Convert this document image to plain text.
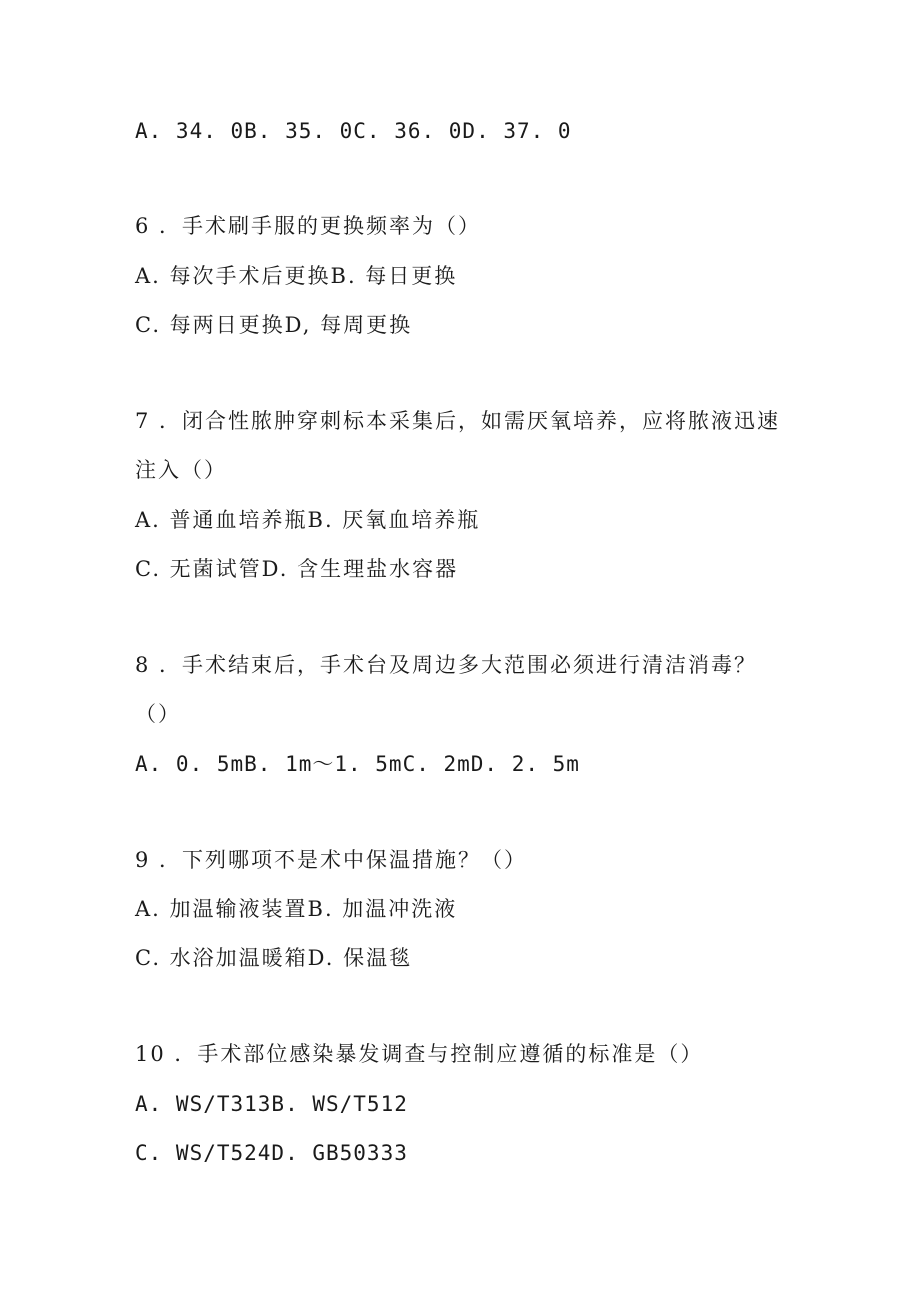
A. 34. 0B. 35. 0C. 36. 0D. 37. 0
6 ．手术刷手服的更换频率为（）
A. 每次手术后更换B. 每日更换
C. 每两日更换D, 每周更换
7 ．闭合性脓肿穿刺标本采集后，如需厌氧培养，应将脓液迅速
注入（）
A. 普通血培养瓶B. 厌氧血培养瓶
C. 无菌试管D. 含生理盐水容器
8 ．手术结束后，手术台及周边多大范围必须进行清洁消毒？
（）
A. 0. 5mB. 1m～1. 5mC. 2mD. 2. 5m
9 ．下列哪项不是术中保温措施？（）
A. 加温输液装置B. 加温冲洗液
C. 水浴加温暖箱D. 保温毯
10 ．手术部位感染暴发调查与控制应遵循的标准是（）
A. WS/T313B. WS/T512
C. WS/T524D. GB50333
